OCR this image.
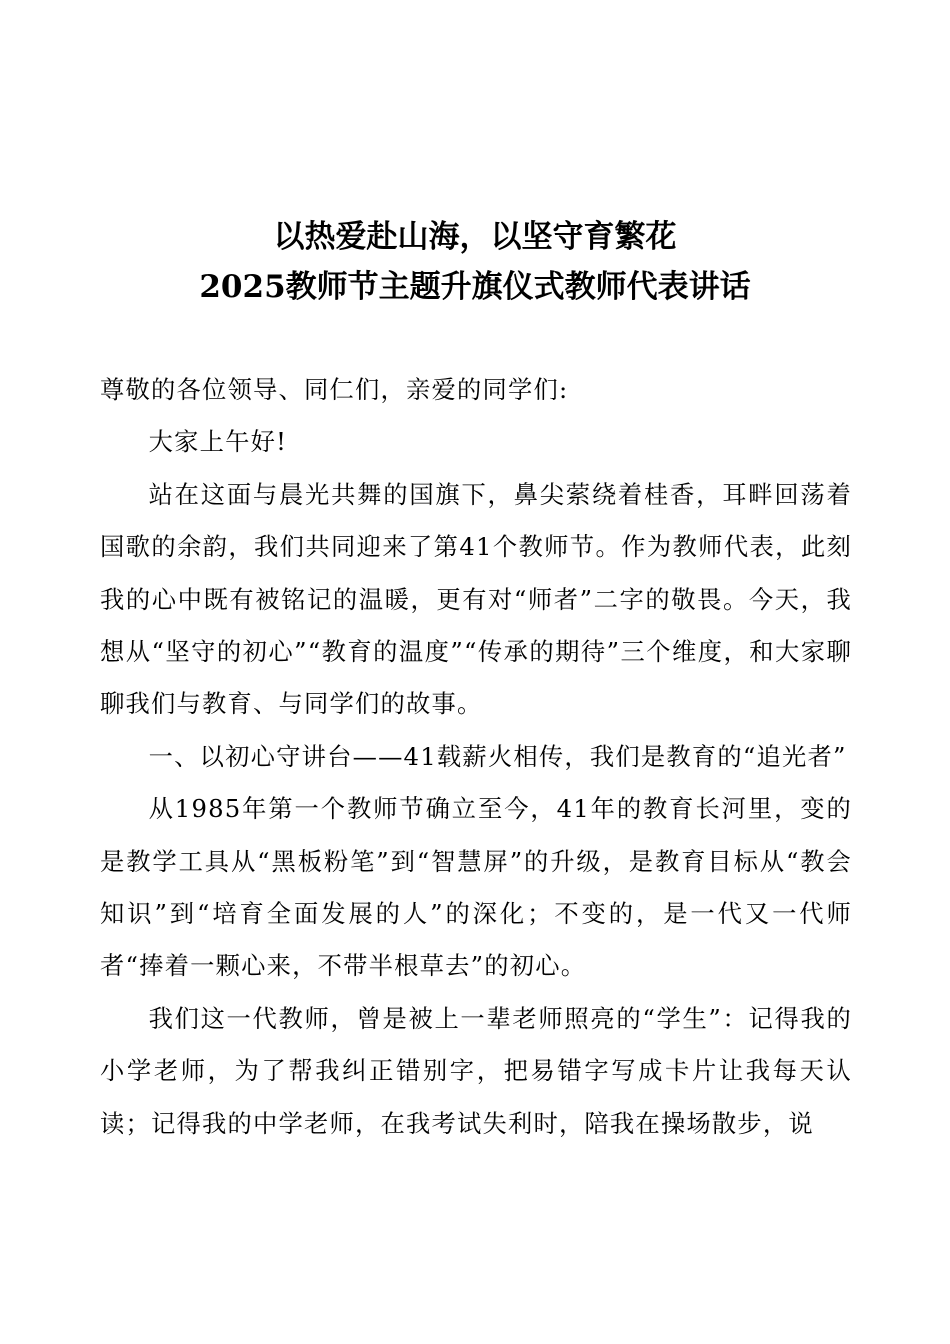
以热爱赴山海，以坚守育繁花
2025教师节主题升旗仪式教师代表讲话

尊敬的各位领导、同仁们，亲爱的同学们:

大家上午好!

站在这面与晨光共舞的国旗下，鼻尖萦绕着桂香，耳畔回荡着国歌的余韵，我们共同迎来了第41个教师节。作为教师代表，此刻我的心中既有被铭记的温暖，更有对“师者”二字的敬畏。今天，我想从“坚守的初心”“教育的温度”“传承的期待”三个维度，和大家聊聊我们与教育、与同学们的故事。

一、以初心守讲台——41载薪火相传，我们是教育的“追光者”

从1985年第一个教师节确立至今，41年的教育长河里，变的是教学工具从“黑板粉笔”到“智慧屏”的升级，是教育目标从“教会知识”到“培育全面发展的人”的深化；不变的，是一代又一代师者“捧着一颗心来，不带半根草去”的初心。

我们这一代教师，曾是被上一辈老师照亮的“学生”：记得我的小学老师，为了帮我纠正错别字，把易错字写成卡片让我每天认读；记得我的中学老师，在我考试失利时，陪我在操场散步，说
